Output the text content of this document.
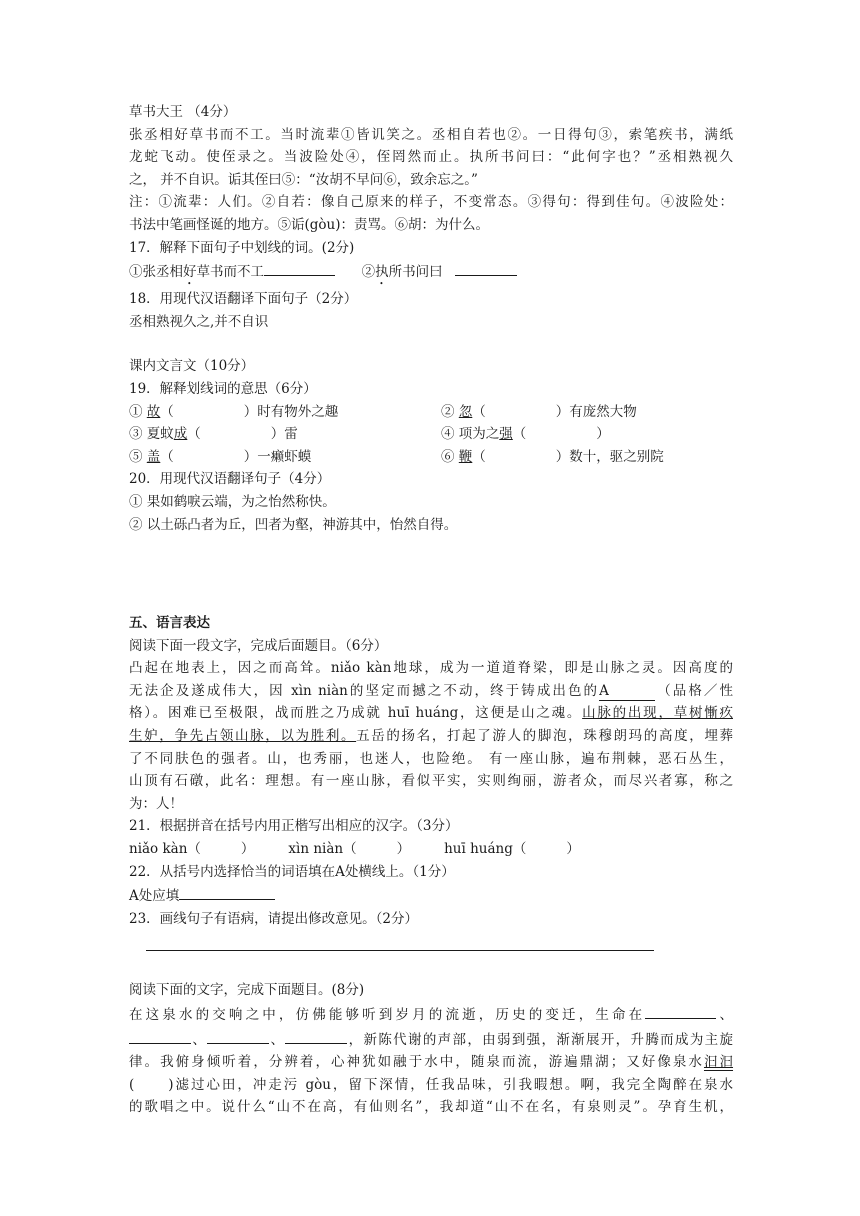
草书大王 （4分）

张丞相好草书而不工。当时流辈①皆讥笑之。丞相自若也②。一日得句③，索笔疾书，满纸

龙蛇飞动。使侄录之。当波险处④，侄罔然而止。执所书问曰：“此何字也？”丞相熟视久

之， 并不自识。诟其侄曰⑤：“汝胡不早问⑥，致余忘之。”

注：①流辈：人们。②自若：像自己原来的样子，不变常态。③得句：得到佳句。④波险处：

书法中笔画怪诞的地方。⑤诟(gòu)：责骂。⑥胡：为什么。

17．解释下面句子中划线的词。(2分)

①张丞相好草书而不工	②执所书问曰

18．用现代汉语翻译下面句子（2分）

丞相熟视久之,并不自识

课内文言文（10分）

19．解释划线词的意思（6分）

① 故（	）时有物外之趣	② 忽（	）有庞然大物
③ 夏蚊成（	）雷	④ 项为之强（	）
⑤ 盖（	）一癞虾蟆	⑥ 鞭（	）数十，驱之别院

20．用现代汉语翻译句子（4分）

① 果如鹤唳云端，为之怡然称快。

② 以土砾凸者为丘，凹者为壑，神游其中，怡然自得。

五、语言表达

阅读下面一段文字，完成后面题目。（6分）

凸起在地表上，因之而高耸。niǎo kàn地球，成为一道道脊梁，即是山脉之灵。因高度的

无法企及遂成伟大，因 xìn niàn的坚定而撼之不动，终于铸成出色的A	（品格／性

格）。困难已至极限，战而胜之乃成就 huī huáng，这便是山之魂。山脉的出现，草树慚疚

生妒，争先占领山脉，以为胜利。五岳的扬名，打起了游人的脚泡，珠穆朗玛的高度，埋葬

了不同肤色的强者。山，也秀丽，也迷人，也险绝。 有一座山脉，遍布荆棘，恶石丛生，

山顶有石礅，此名：理想。有一座山脉，看似平实，实则绚丽，游者众，而尽兴者寡，称之

为：人！

21．根据拼音在括号内用正楷写出相应的汉字。（3分）

niǎo kàn（	）	xìn niàn（	）	huī huáng（	）

22．从括号内选择恰当的词语填在A处横线上。（1分）

A处应填

23．画线句子有语病，请提出修改意见。（2分）

阅读下面的文字，完成下面题目。(8分)

在这泉水的交响之中，仿佛能够听到岁月的流逝，历史的变迁，生命在	、

、	、	，新陈代谢的声部，由弱到强，渐渐展开，升腾而成为主旋

律。我俯身倾听着，分辨着，心神犹如融于水中，随泉而流，游遍鼎湖；又好像泉水汩汩

(	)滤过心田，冲走污 gòu，留下深情，任我品味，引我暇想。啊，我完全陶醉在泉水

的歌唱之中。说什么“山不在高，有仙则名”，我却道“山不在名，有泉则灵”。孕育生机，
